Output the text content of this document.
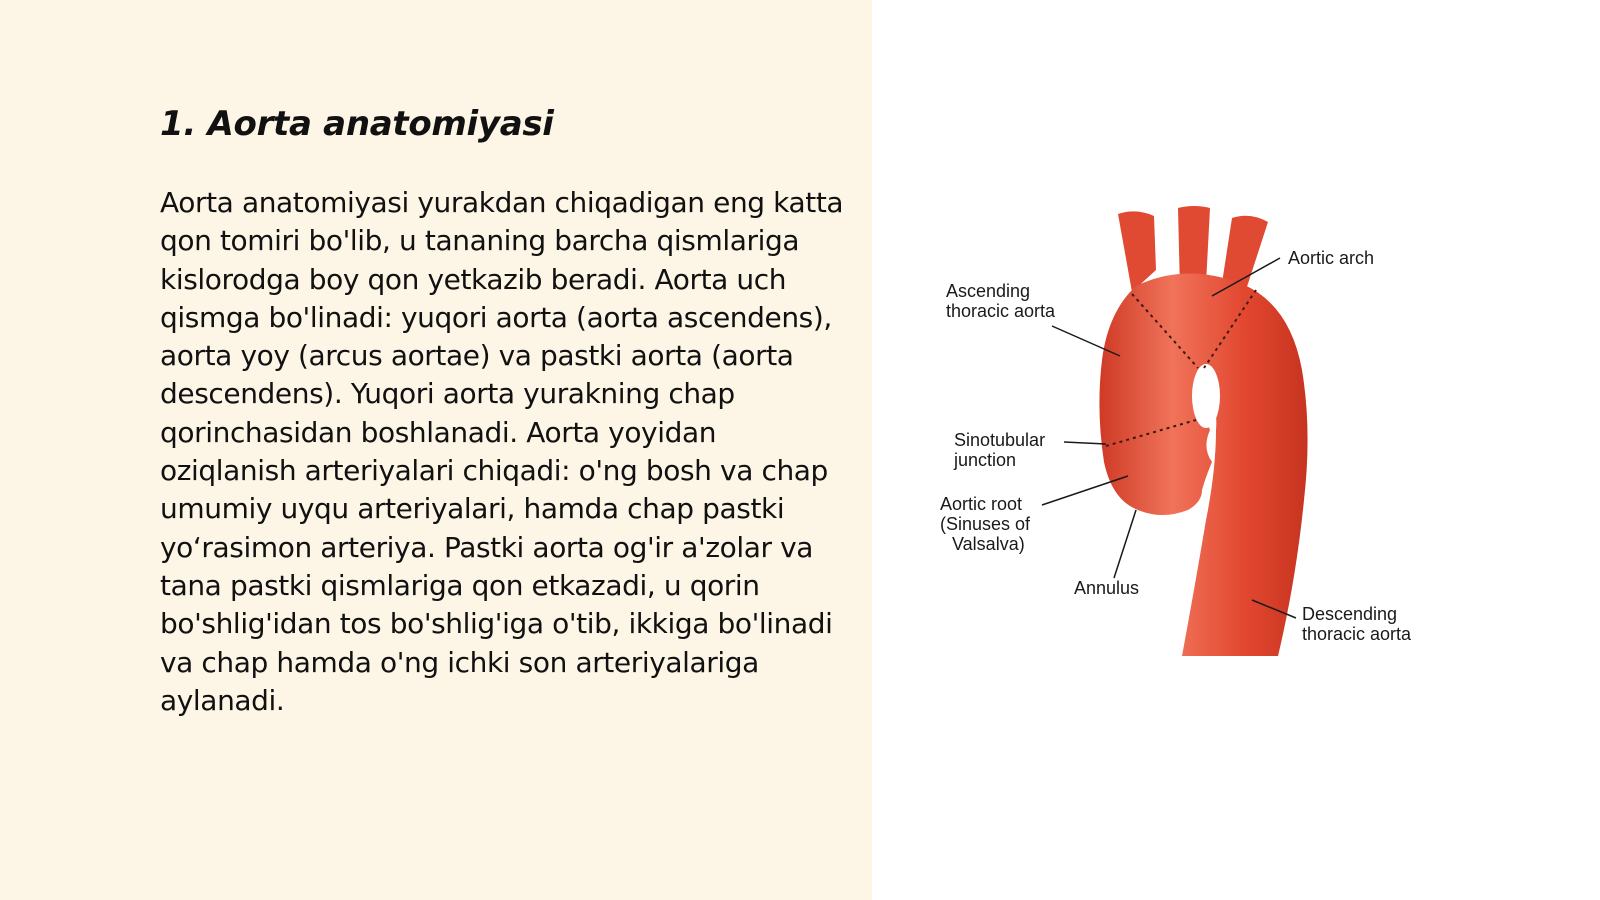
1. Aorta anatomiyasi

Aorta anatomiyasi yurakdan chiqadigan eng katta qon tomiri bo'lib, u tananing barcha qismlariga kislorodga boy qon yetkazib beradi. Aorta uch qismga bo'linadi: yuqori aorta (aorta ascendens), aorta yoy (arcus aortae) va pastki aorta (aorta descendens). Yuqori aorta yurakning chap qorinchasidan boshlanadi. Aorta yoyidan oziqlanish arteriyalari chiqadi: o'ng bosh va chap umumiy uyqu arteriyalari, hamda chap pastki yo‘rasimon arteriya. Pastki aorta og'ir a'zolar va tana pastki qismlariga qon etkazadi, u qorin bo'shlig'idan tos bo'shlig'iga o'tib, ikkiga bo'linadi va chap hamda o'ng ichki son arteriyalariga aylanadi.

Aortic arch
Ascending
thoracic aorta
Sinotubular
junction
Aortic root
(Sinuses of
Valsalva)
Annulus
Descending
thoracic aorta
